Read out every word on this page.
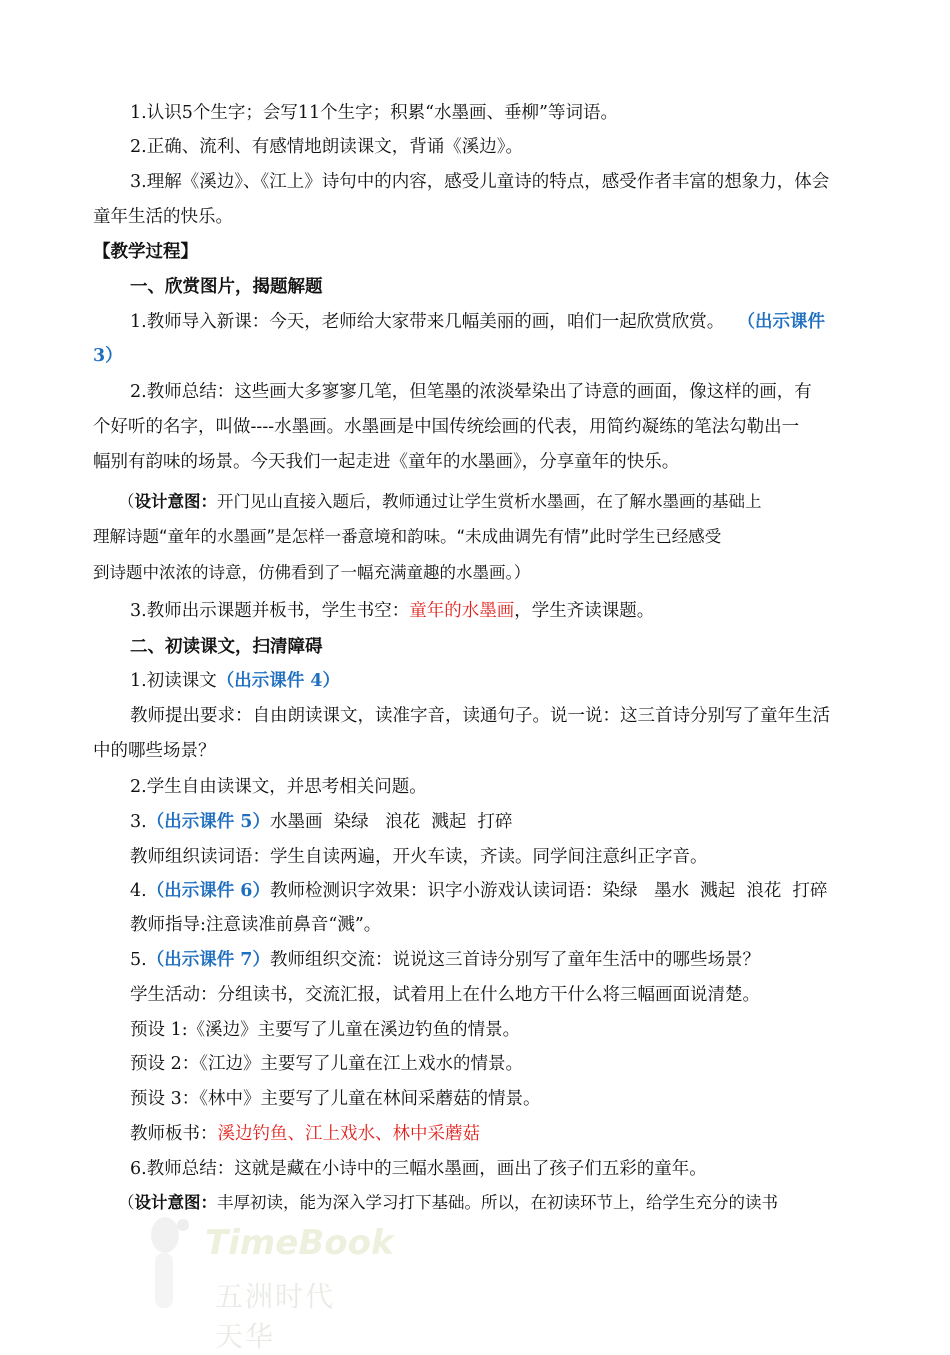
1.认识5个生字；会写11个生字；积累“水墨画、垂柳”等词语。
2.正确、流利、有感情地朗读课文，背诵《溪边》。
3.理解《溪边》、《江上》诗句中的内容，感受儿童诗的特点，感受作者丰富的想象力，体会
童年生活的快乐。
【教学过程】
一、欣赏图片，揭题解题
1.教师导入新课：今天，老师给大家带来几幅美丽的画，咱们一起欣赏欣赏。 （出示课件
3）
2.教师总结：这些画大多寥寥几笔，但笔墨的浓淡晕染出了诗意的画面，像这样的画，有
个好听的名字，叫做----水墨画。水墨画是中国传统绘画的代表，用简约凝练的笔法勾勒出一
幅别有韵味的场景。今天我们一起走进《童年的水墨画》，分享童年的快乐。
（设计意图：开门见山直接入题后，教师通过让学生赏析水墨画，在了解水墨画的基础上
理解诗题“童年的水墨画”是怎样一番意境和韵味。“未成曲调先有情”此时学生已经感受
到诗题中浓浓的诗意，仿佛看到了一幅充满童趣的水墨画。）
3.教师出示课题并板书，学生书空：童年的水墨画，学生齐读课题。
二、初读课文，扫清障碍
1.初读课文（出示课件 4）
教师提出要求：自由朗读课文，读准字音，读通句子。说一说：这三首诗分别写了童年生活
中的哪些场景？
2.学生自由读课文，并思考相关问题。
3.（出示课件 5）水墨画  染绿   浪花  溅起  打碎
教师组织读词语：学生自读两遍，开火车读，齐读。同学间注意纠正字音。
4.（出示课件 6）教师检测识字效果：识字小游戏认读词语：染绿   墨水  溅起  浪花  打碎
教师指导:注意读准前鼻音“溅”。
5.（出示课件 7）教师组织交流：说说这三首诗分别写了童年生活中的哪些场景？
学生活动：分组读书，交流汇报，试着用上在什么地方干什么将三幅画面说清楚。
预设 1:《溪边》主要写了儿童在溪边钓鱼的情景。
预设 2：《江边》主要写了儿童在江上戏水的情景。
预设 3：《林中》主要写了儿童在林间采蘑菇的情景。
教师板书：溪边钓鱼、江上戏水、林中采蘑菇
6.教师总结：这就是藏在小诗中的三幅水墨画，画出了孩子们五彩的童年。
（设计意图：丰厚初读，能为深入学习打下基础。所以，在初读环节上，给学生充分的读书
TimeBook
五洲时代天华
